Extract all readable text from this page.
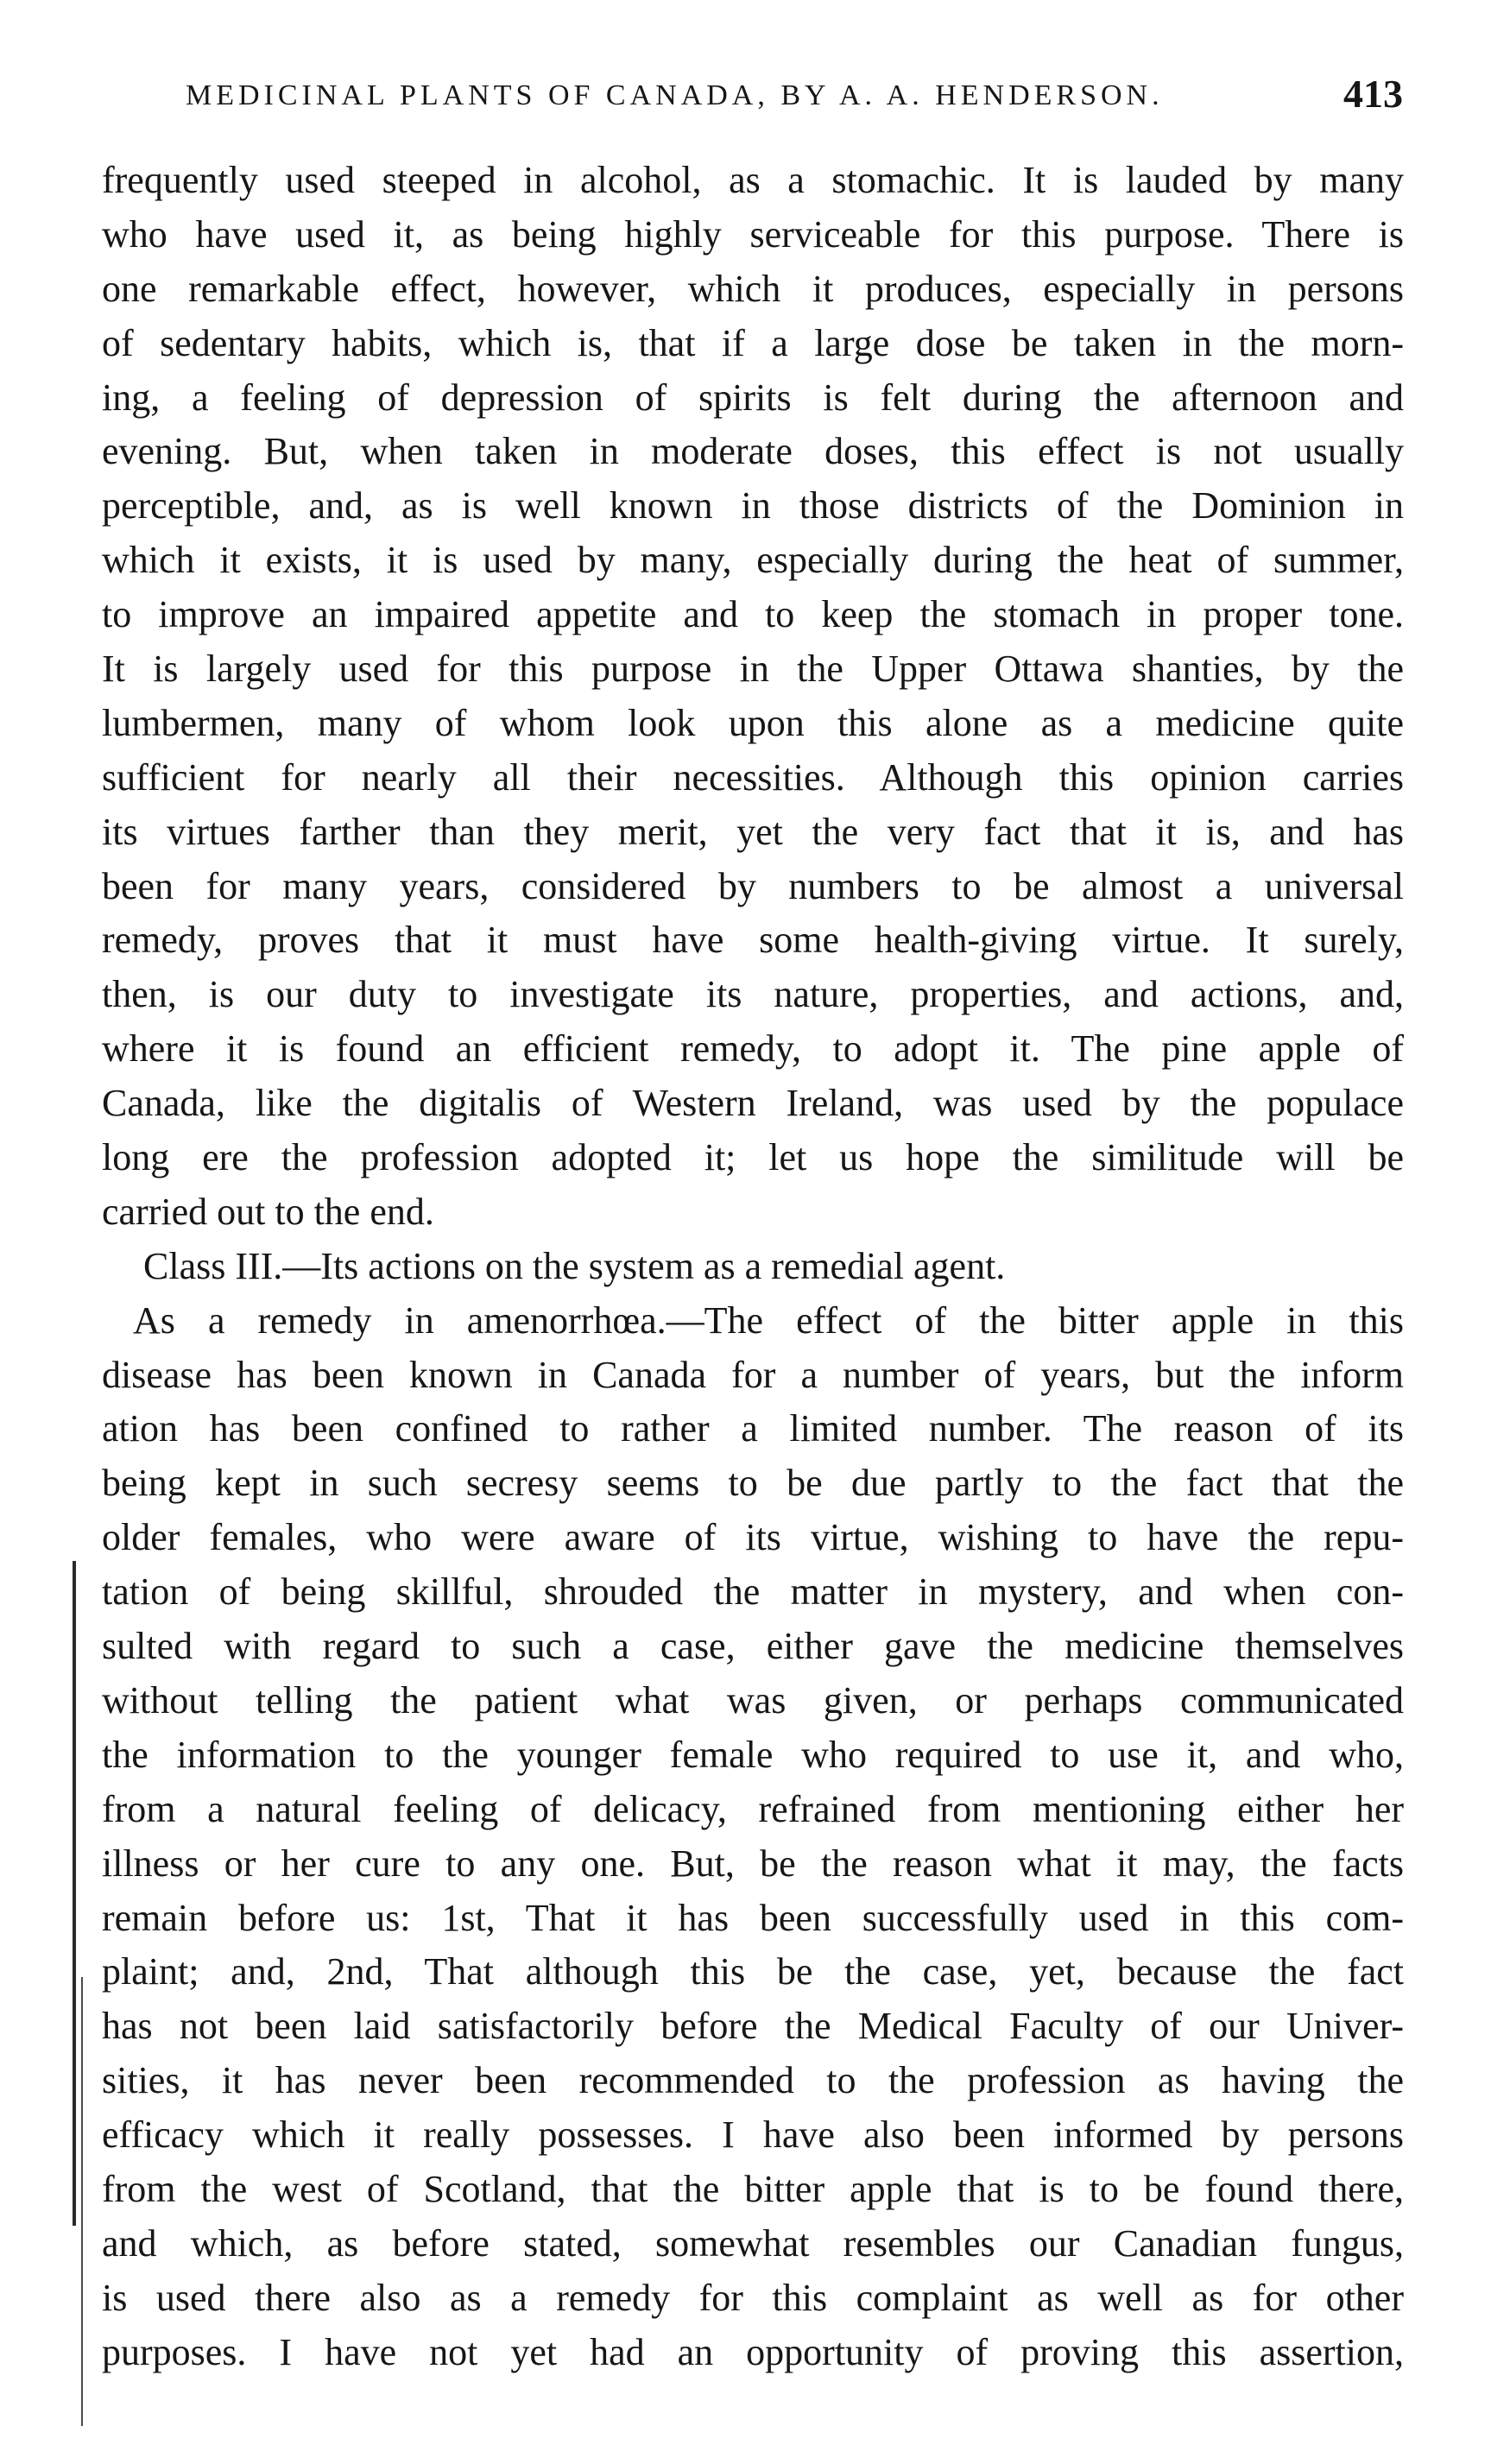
MEDICINAL PLANTS OF CANADA, BY A. A. HENDERSON.	413
frequently used steeped in alcohol, as a stomachic. It is lauded by many
who have used it, as being highly serviceable for this purpose. There is
one remarkable effect, however, which it produces, especially in persons
of sedentary habits, which is, that if a large dose be taken in the morn-
ing, a feeling of depression of spirits is felt during the afternoon and
evening. But, when taken in moderate doses, this effect is not usually
perceptible, and, as is well known in those districts of the Dominion in
which it exists, it is used by many, especially during the heat of summer,
to improve an impaired appetite and to keep the stomach in proper tone.
It is largely used for this purpose in the Upper Ottawa shanties, by the
lumbermen, many of whom look upon this alone as a medicine quite
sufficient for nearly all their necessities. Although this opinion carries
its virtues farther than they merit, yet the very fact that it is, and has
been for many years, considered by numbers to be almost a universal
remedy, proves that it must have some health-giving virtue. It surely,
then, is our duty to investigate its nature, properties, and actions, and,
where it is found an efficient remedy, to adopt it. The pine apple of
Canada, like the digitalis of Western Ireland, was used by the populace
long ere the profession adopted it; let us hope the similitude will be
carried out to the end.
Class III.—Its actions on the system as a remedial agent.
As a remedy in amenorrhœa.—The effect of the bitter apple in this
disease has been known in Canada for a number of years, but the inform
ation has been confined to rather a limited number. The reason of its
being kept in such secresy seems to be due partly to the fact that the
older females, who were aware of its virtue, wishing to have the repu-
tation of being skillful, shrouded the matter in mystery, and when con-
sulted with regard to such a case, either gave the medicine themselves
without telling the patient what was given, or perhaps communicated
the information to the younger female who required to use it, and who,
from a natural feeling of delicacy, refrained from mentioning either her
illness or her cure to any one. But, be the reason what it may, the facts
remain before us: 1st, That it has been successfully used in this com-
plaint; and, 2nd, That although this be the case, yet, because the fact
has not been laid satisfactorily before the Medical Faculty of our Univer-
sities, it has never been recommended to the profession as having the
efficacy which it really possesses. I have also been informed by persons
from the west of Scotland, that the bitter apple that is to be found there,
and which, as before stated, somewhat resembles our Canadian fungus,
is used there also as a remedy for this complaint as well as for other
purposes. I have not yet had an opportunity of proving this assertion,
